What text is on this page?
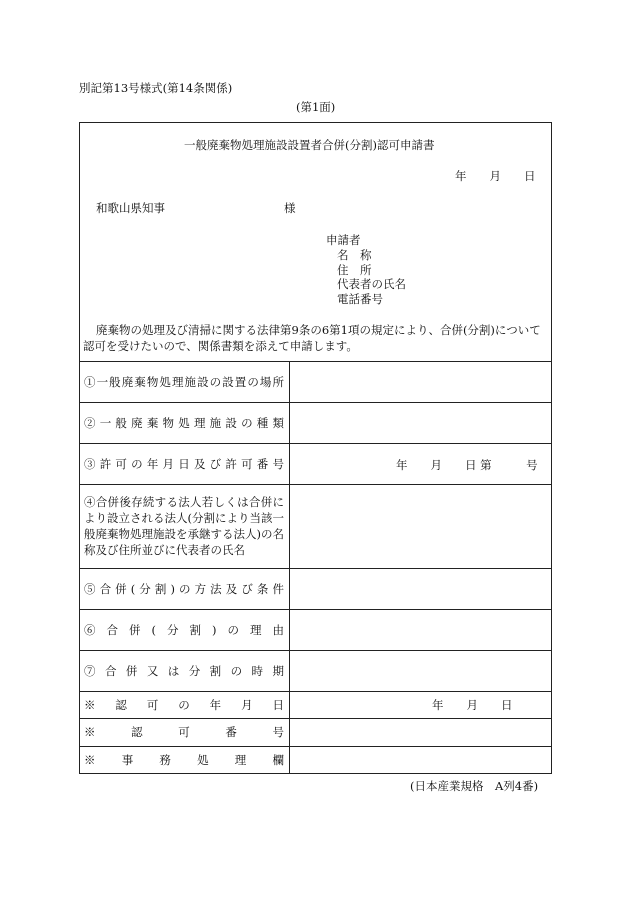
別記第13号様式(第14条関係)
(第1面)
一般廃棄物処理施設設置者合併(分割)認可申請書
年　　月　　日
和歌山県知事	様
申請者
名　称
住　所
代表者の氏名
電話番号
廃棄物の処理及び清掃に関する法律第9条の6第1項の規定により、合併(分割)について
認可を受けたいので、関係書類を添えて申請します。
①一般廃棄物処理施設の設置の場所
②一般廃棄物処理施設の種類
③許可の年月日及び許可番号
④合併後存続する法人若しくは合併により設立される法人(分割により当該一般廃棄物処理施設を承継する法人)の名称及び住所並びに代表者の氏名
⑤合併(分割)の方法及び条件
⑥合併(分割)の理由
⑦合併又は分割の時期
※認可の年月日
※認可番号
※事務処理欄
年　　月　　日 第　　　号
年　　月　　日
(日本産業規格　A列4番)
